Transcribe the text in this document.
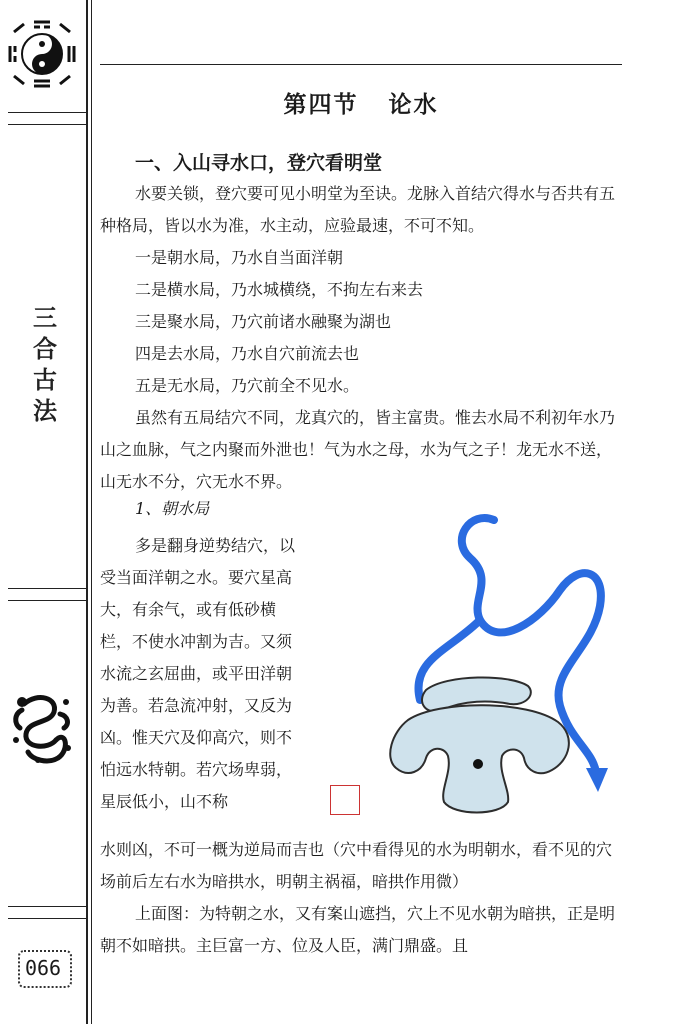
三
合
古
法
066
第四节 论水
一、入山寻水口，登穴看明堂
水要关锁，登穴要可见小明堂为至诀。龙脉入首结穴得水与否共有五种格局，皆以水为准，水主动，应验最速，不可不知。
一是朝水局，乃水自当面洋朝
二是横水局，乃水城横绕，不拘左右来去
三是聚水局，乃穴前诸水融聚为湖也
四是去水局，乃水自穴前流去也
五是无水局，乃穴前全不见水。
虽然有五局结穴不同，龙真穴的，皆主富贵。惟去水局不利初年水乃山之血脉，气之内聚而外泄也！气为水之母，水为气之子！龙无水不送，山无水不分，穴无水不界。
1、朝水局
多是翻身逆势结穴，以受当面洋朝之水。要穴星高大，有余气，或有低砂横栏，不使水冲割为吉。又须水流之玄屈曲，或平田洋朝为善。若急流冲射，又反为凶。惟天穴及仰高穴，则不怕远水特朝。若穴场卑弱，星辰低小，山不称
水则凶，不可一概为逆局而吉也（穴中看得见的水为明朝水，看不见的穴场前后左右水为暗拱水，明朝主祸福，暗拱作用微）
上面图：为特朝之水，又有案山遮挡，穴上不见水朝为暗拱，正是明朝不如暗拱。主巨富一方、位及人臣，满门鼎盛。且
